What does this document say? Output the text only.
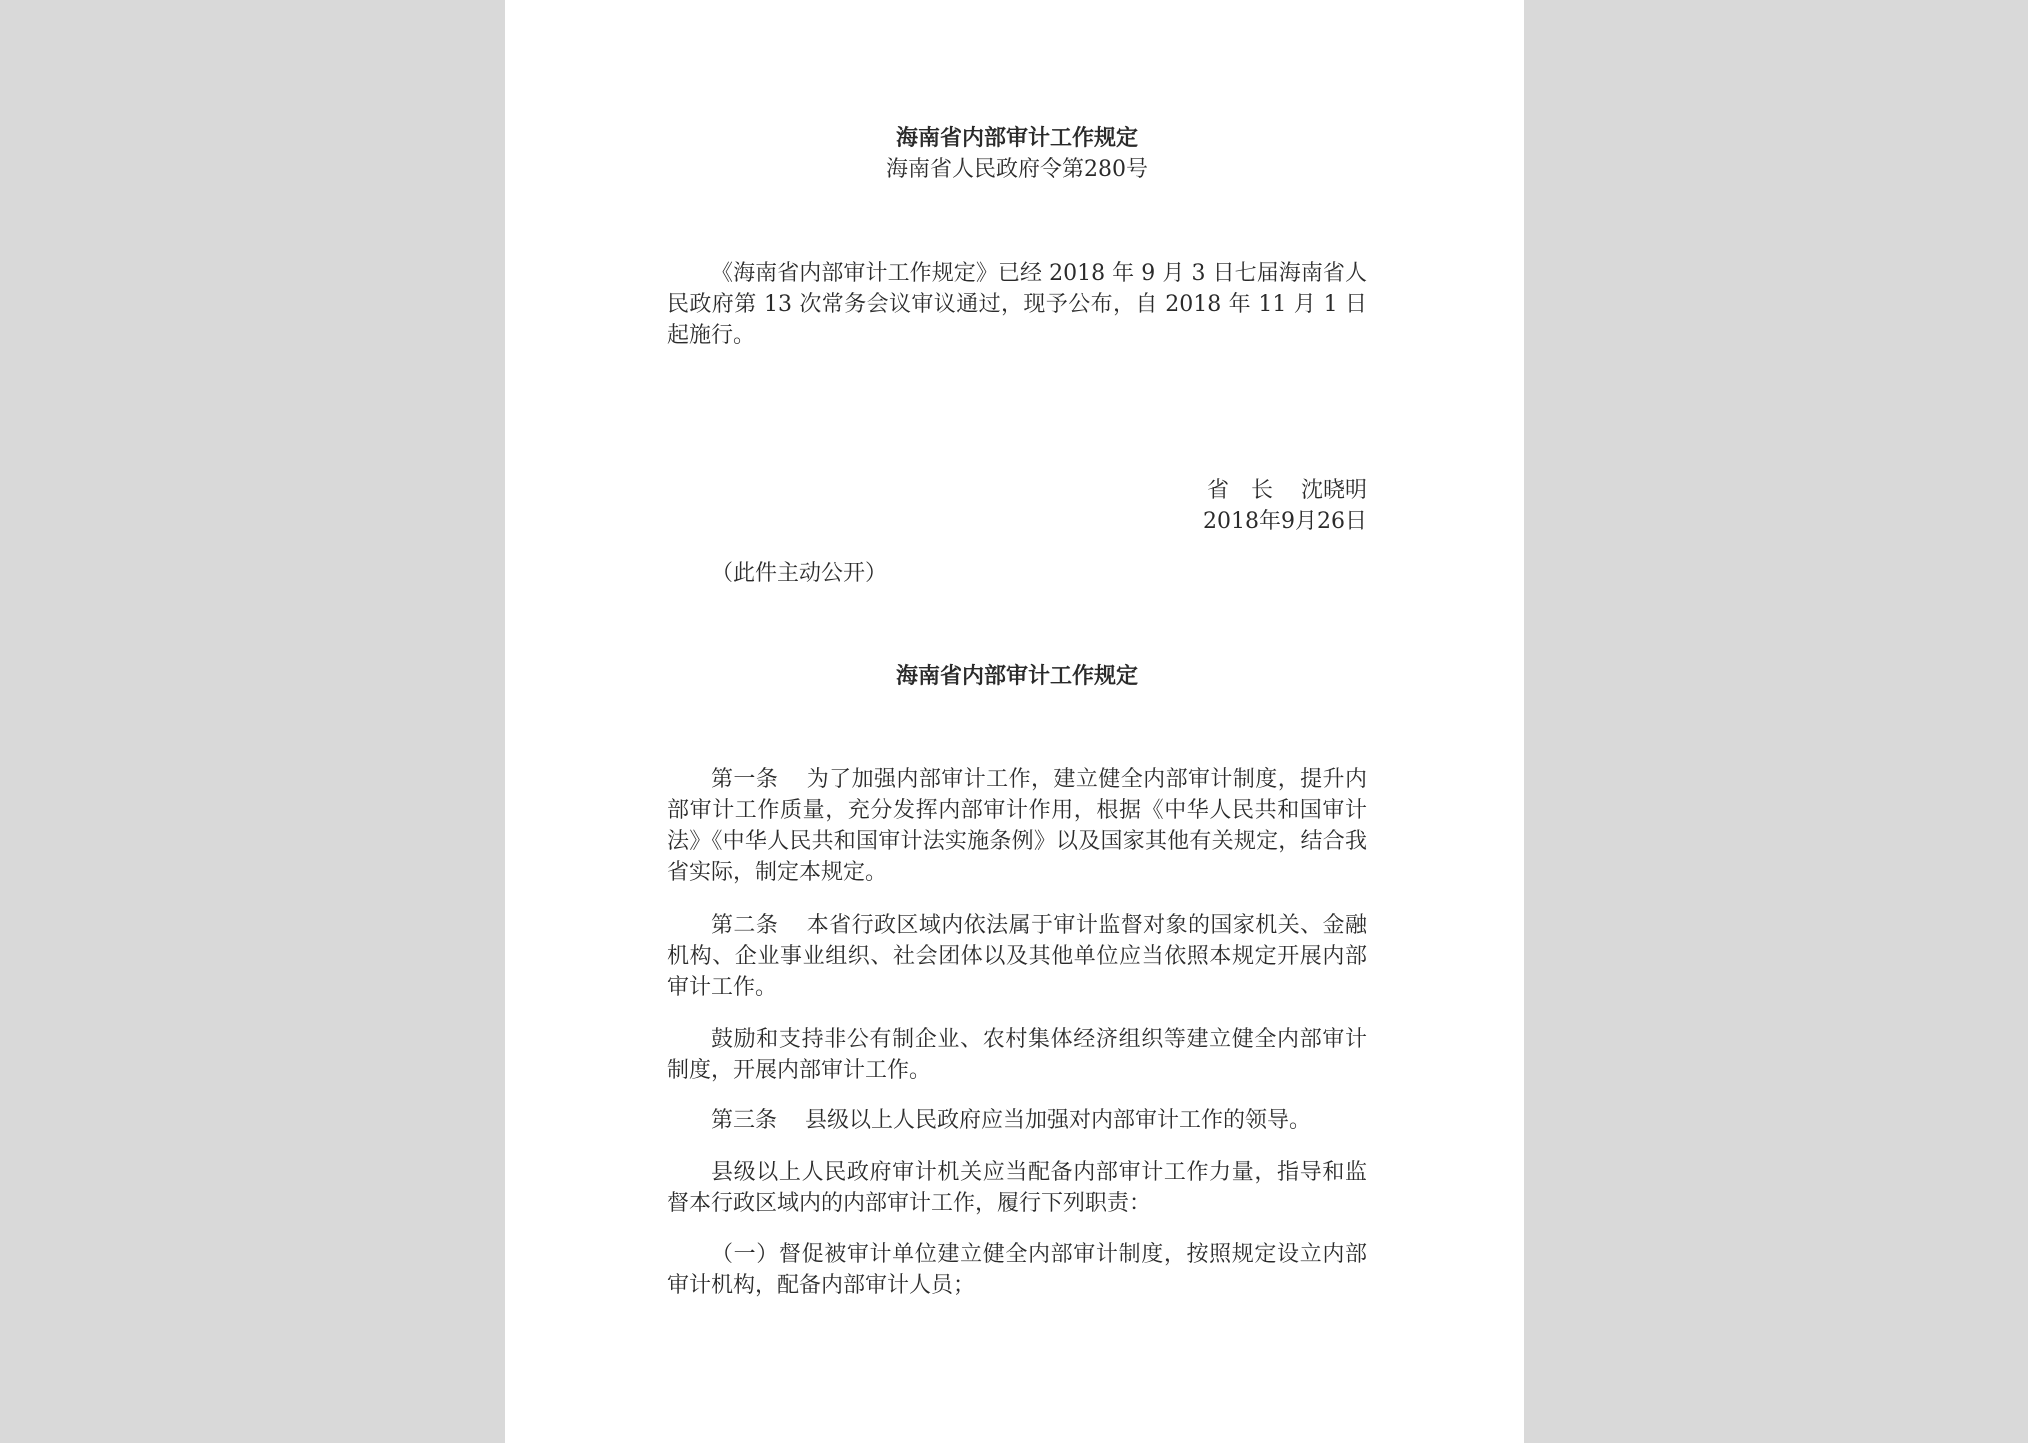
海南省内部审计工作规定
海南省人民政府令第280号

《海南省内部审计工作规定》已经 2018 年 9 月 3 日七届海南省人民政府第 13 次常务会议审议通过，现予公布，自 2018 年 11 月 1 日起施行。

省　长 沈晓明
2018年9月26日
（此件主动公开）
海南省内部审计工作规定

第一条 为了加强内部审计工作，建立健全内部审计制度，提升内部审计工作质量，充分发挥内部审计作用，根据《中华人民共和国审计法》《中华人民共和国审计法实施条例》以及国家其他有关规定，结合我省实际，制定本规定。

第二条 本省行政区域内依法属于审计监督对象的国家机关、金融机构、企业事业组织、社会团体以及其他单位应当依照本规定开展内部审计工作。

鼓励和支持非公有制企业、农村集体经济组织等建立健全内部审计制度，开展内部审计工作。

第三条 县级以上人民政府应当加强对内部审计工作的领导。

县级以上人民政府审计机关应当配备内部审计工作力量，指导和监督本行政区域内的内部审计工作，履行下列职责：

（一）督促被审计单位建立健全内部审计制度，按照规定设立内部审计机构，配备内部审计人员；
